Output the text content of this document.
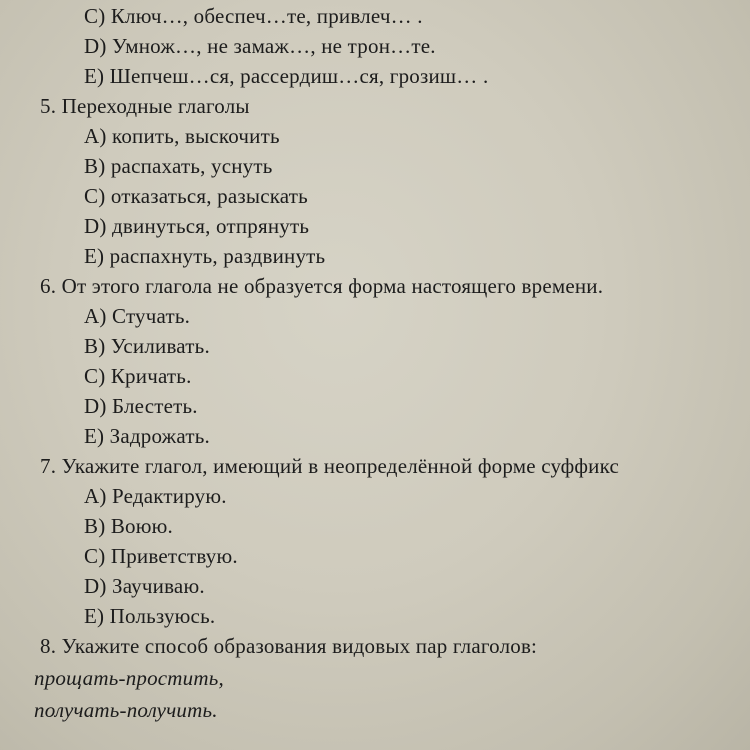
C) Ключ…, обеспеч…те, привлеч… .
D) Умнож…, не замаж…, не трон…те.
E) Шепчеш…ся, рассердиш…ся, грозиш… .
5. Переходные глаголы
A) копить, выскочить
B) распахать, уснуть
C) отказаться, разыскать
D) двинуться, отпрянуть
E) распахнуть, раздвинуть
6. От этого глагола не образуется форма настоящего времени.
A) Стучать.
B) Усиливать.
C) Кричать.
D) Блестеть.
E) Задрожать.
7. Укажите глагол, имеющий в неопределённой форме суффикс
A) Редактирую.
B) Воюю.
C) Приветствую.
D) Заучиваю.
E) Пользуюсь.
8. Укажите способ образования видовых пар глаголов:
прощать-простить,
получать-получить.
